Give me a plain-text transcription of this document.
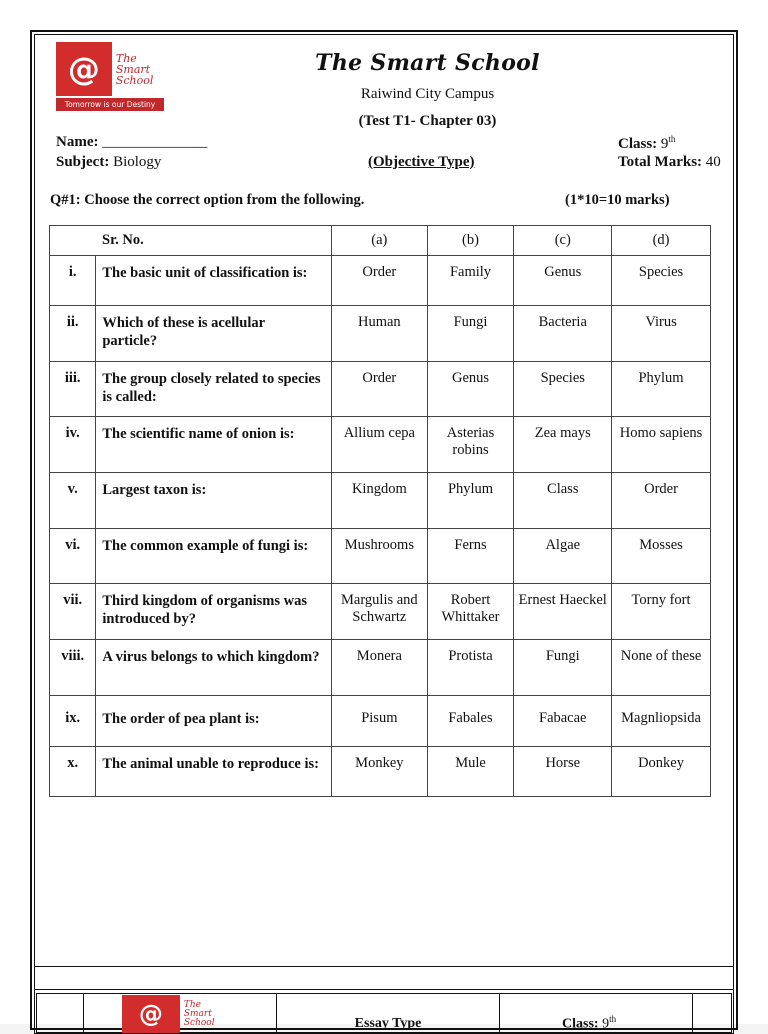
@	The
Smart
School
Tomorrow is our Destiny
The Smart School
Raiwind City Campus
(Test T1- Chapter 03)
Name: ______________
Subject: Biology	(Objective Type)
Class: 9th
Total Marks: 40
Q#1: Choose the correct option from the following.	(1*10=10 marks)
Sr. No.		(a)	(b)	(c)	(d)
i.	The basic unit of classification is:	Order	Family	Genus	Species
ii.	Which of these is acellular particle?	Human	Fungi	Bacteria	Virus
iii.	The group closely related to species is called:	Order	Genus	Species	Phylum
iv.	The scientific name of onion is:	Allium cepa	Asterias robins	Zea mays	Homo sapiens
v.	Largest taxon is:	Kingdom	Phylum	Class	Order
vi.	The common example of fungi is:	Mushrooms	Ferns	Algae	Mosses
vii.	Third kingdom of organisms was introduced by?	Margulis and Schwartz	Robert Whittaker	Ernest Haeckel	Torny fort
viii.	A virus belongs to which kingdom?	Monera	Protista	Fungi	None of these
ix.	The order of pea plant is:	Pisum	Fabales	Fabacae	Magnliopsida
x.	The animal unable to reproduce is:	Monkey	Mule	Horse	Donkey

@	The
Smart
School	Essay Type	Class: 9th
